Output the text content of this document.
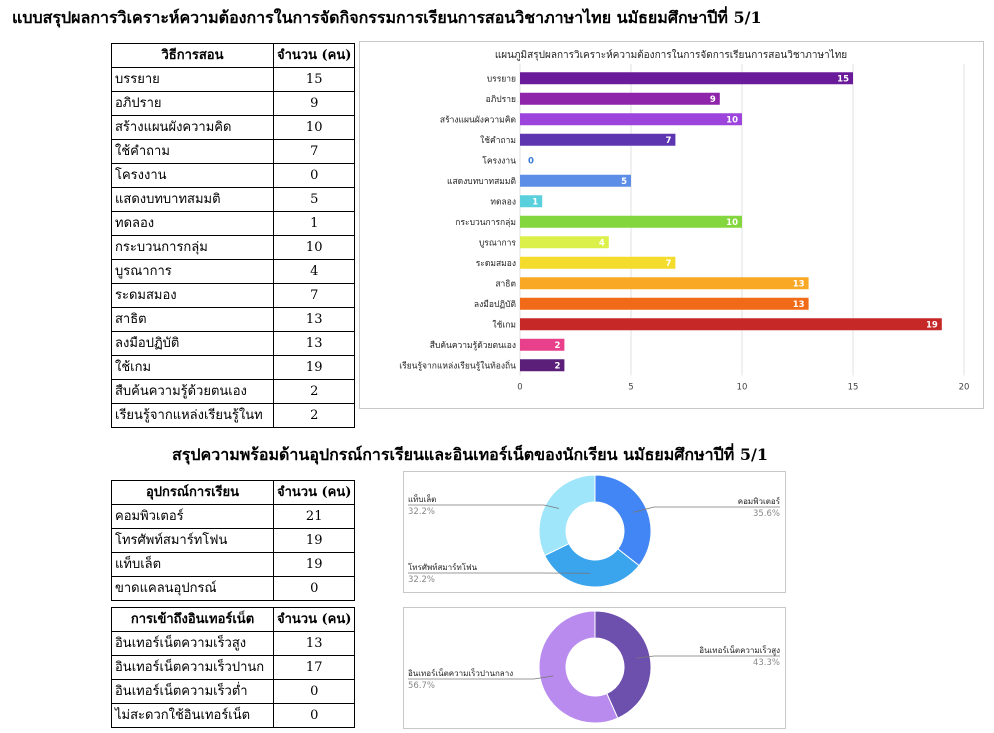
แบบสรุปผลการวิเคราะห์ความต้องการในการจัดกิจกรรมการเรียนการสอนวิชาภาษาไทย นมัธยมศึกษาปีที่ 5/1
วิธีการสอน	จำนวน (คน)
บรรยาย	15
อภิปราย	9
สร้างแผนผังความคิด	10
ใช้คำถาม	7
โครงงาน	0
แสดงบทบาทสมมติ	5
ทดลอง	1
กระบวนการกลุ่ม	10
บูรณาการ	4
ระดมสมอง	7
สาธิต	13
ลงมือปฏิบัติ	13
ใช้เกม	19
สืบค้นความรู้ด้วยตนเอง	2
เรียนรู้จากแหล่งเรียนรู้ในท	2
แผนภูมิสรุปผลการวิเคราะห์ความต้องการในการจัดการเรียนการสอนวิชาภาษาไทย
0	5	10	15	20
บรรยาย	15
อภิปราย	9
สร้างแผนผังความคิด	10
ใช้คำถาม	7
โครงงาน 0
แสดงบทบาทสมมติ	5
ทดลอง 1
กระบวนการกลุ่ม	10
บูรณาการ	4
ระดมสมอง	7
สาธิต	13
ลงมือปฏิบัติ	13
ใช้เกม	19
สืบค้นความรู้ด้วยตนเอง	2
เรียนรู้จากแหล่งเรียนรู้ในท้องถิ่น	2
สรุปความพร้อมด้านอุปกรณ์การเรียนและอินเทอร์เน็ตของนักเรียน นมัธยมศึกษาปีที่ 5/1
อุปกรณ์การเรียน	จำนวน (คน)
คอมพิวเตอร์	21
โทรศัพท์สมาร์ทโฟน	19
แท็บเล็ต	19
ขาดแคลนอุปกรณ์	0
การเข้าถึงอินเทอร์เน็ต	จำนวน (คน)
อินเทอร์เน็ตความเร็วสูง	13
อินเทอร์เน็ตความเร็วปานก	17
อินเทอร์เน็ตความเร็วต่ำ	0
ไม่สะดวกใช้อินเทอร์เน็ต	0
คอมพิวเตอร์
35.6%
โทรศัพท์สมาร์ทโฟน
32.2%
แท็บเล็ต
32.2%
อินเทอร์เน็ตความเร็วสูง
43.3%
อินเทอร์เน็ตความเร็วปานกลาง
56.7%
